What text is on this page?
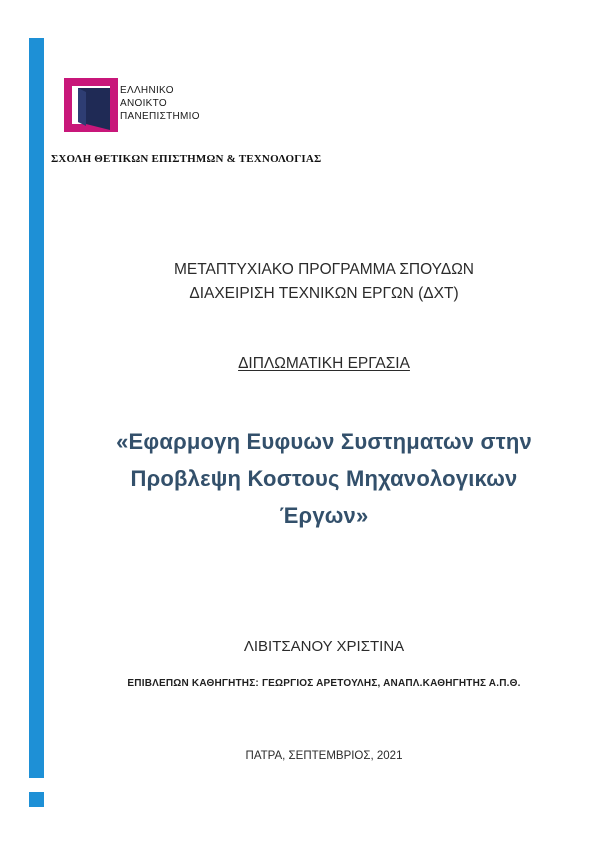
ΕΛΛΗΝΙΚΟ
ΑΝΟΙΚΤΟ
ΠΑΝΕΠΙΣΤΗΜΙΟ
ΣΧΟΛΗ ΘΕΤΙΚΩΝ ΕΠΙΣΤΗΜΩΝ & ΤΕΧΝΟΛΟΓΙΑΣ
ΜΕΤΑΠΤΥΧΙΑΚΟ ΠΡΟΓΡΑΜΜΑ ΣΠΟΥΔΩΝ
ΔΙΑΧΕΙΡΙΣΗ ΤΕΧΝΙΚΩΝ ΕΡΓΩΝ (ΔΧΤ)
ΔΙΠΛΩΜΑΤΙΚΗ ΕΡΓΑΣΙΑ
«Εφαρμογη Ευφυων Συστηματων στην
Προβλεψη Κοστους Μηχανολογικων
Έργων»
ΛΙΒΙΤΣΑΝΟΥ ΧΡΙΣΤΙΝΑ
ΕΠΙΒΛΕΠΩΝ ΚΑΘΗΓΗΤΗΣ: ΓΕΩΡΓΙΟΣ ΑΡΕΤΟΥΛΗΣ, ΑΝΑΠΛ.ΚΑΘΗΓΗΤΗΣ Α.Π.Θ.
ΠΑΤΡΑ, ΣΕΠΤΕΜΒΡΙΟΣ, 2021
